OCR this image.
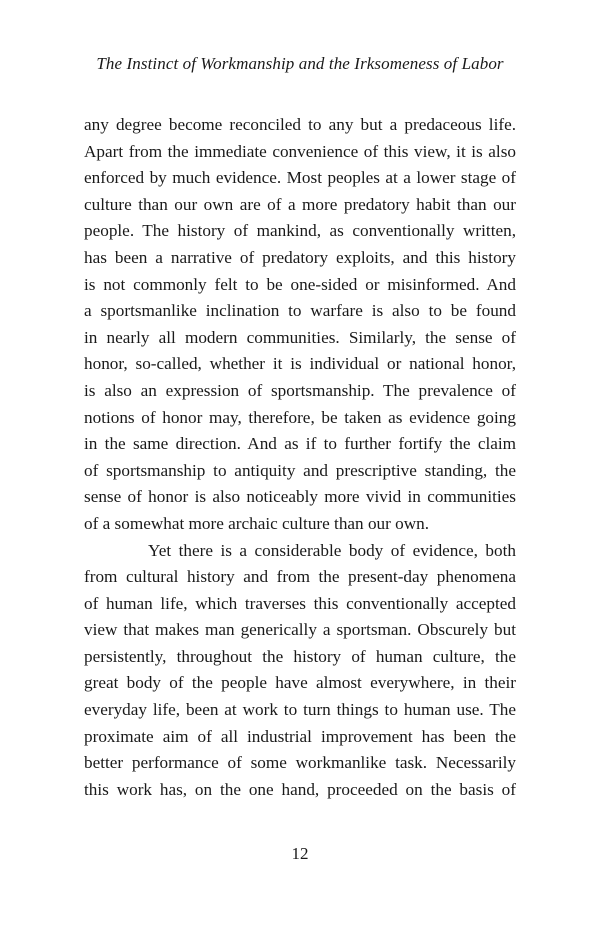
The Instinct of Workmanship and the Irksomeness of Labor
any degree become reconciled to any but a predaceous life.
Apart from the immediate convenience of this view, it is also
enforced by much evidence. Most peoples at a lower stage of
culture than our own are of a more predatory habit than our
people. The history of mankind, as conventionally written,
has been a narrative of predatory exploits, and this history
is not commonly felt to be one-sided or misinformed. And
a sportsmanlike inclination to warfare is also to be found
in nearly all modern communities. Similarly, the sense of
honor, so-called, whether it is individual or national honor,
is also an expression of sportsmanship. The prevalence of
notions of honor may, therefore, be taken as evidence going
in the same direction. And as if to further fortify the claim
of sportsmanship to antiquity and prescriptive standing, the
sense of honor is also noticeably more vivid in communities
of a somewhat more archaic culture than our own.
Yet there is a considerable body of evidence, both
from cultural history and from the present-day phenomena
of human life, which traverses this conventionally accepted
view that makes man generically a sportsman. Obscurely but
persistently, throughout the history of human culture, the
great body of the people have almost everywhere, in their
everyday life, been at work to turn things to human use. The
proximate aim of all industrial improvement has been the
better performance of some workmanlike task. Necessarily
this work has, on the one hand, proceeded on the basis of
12
